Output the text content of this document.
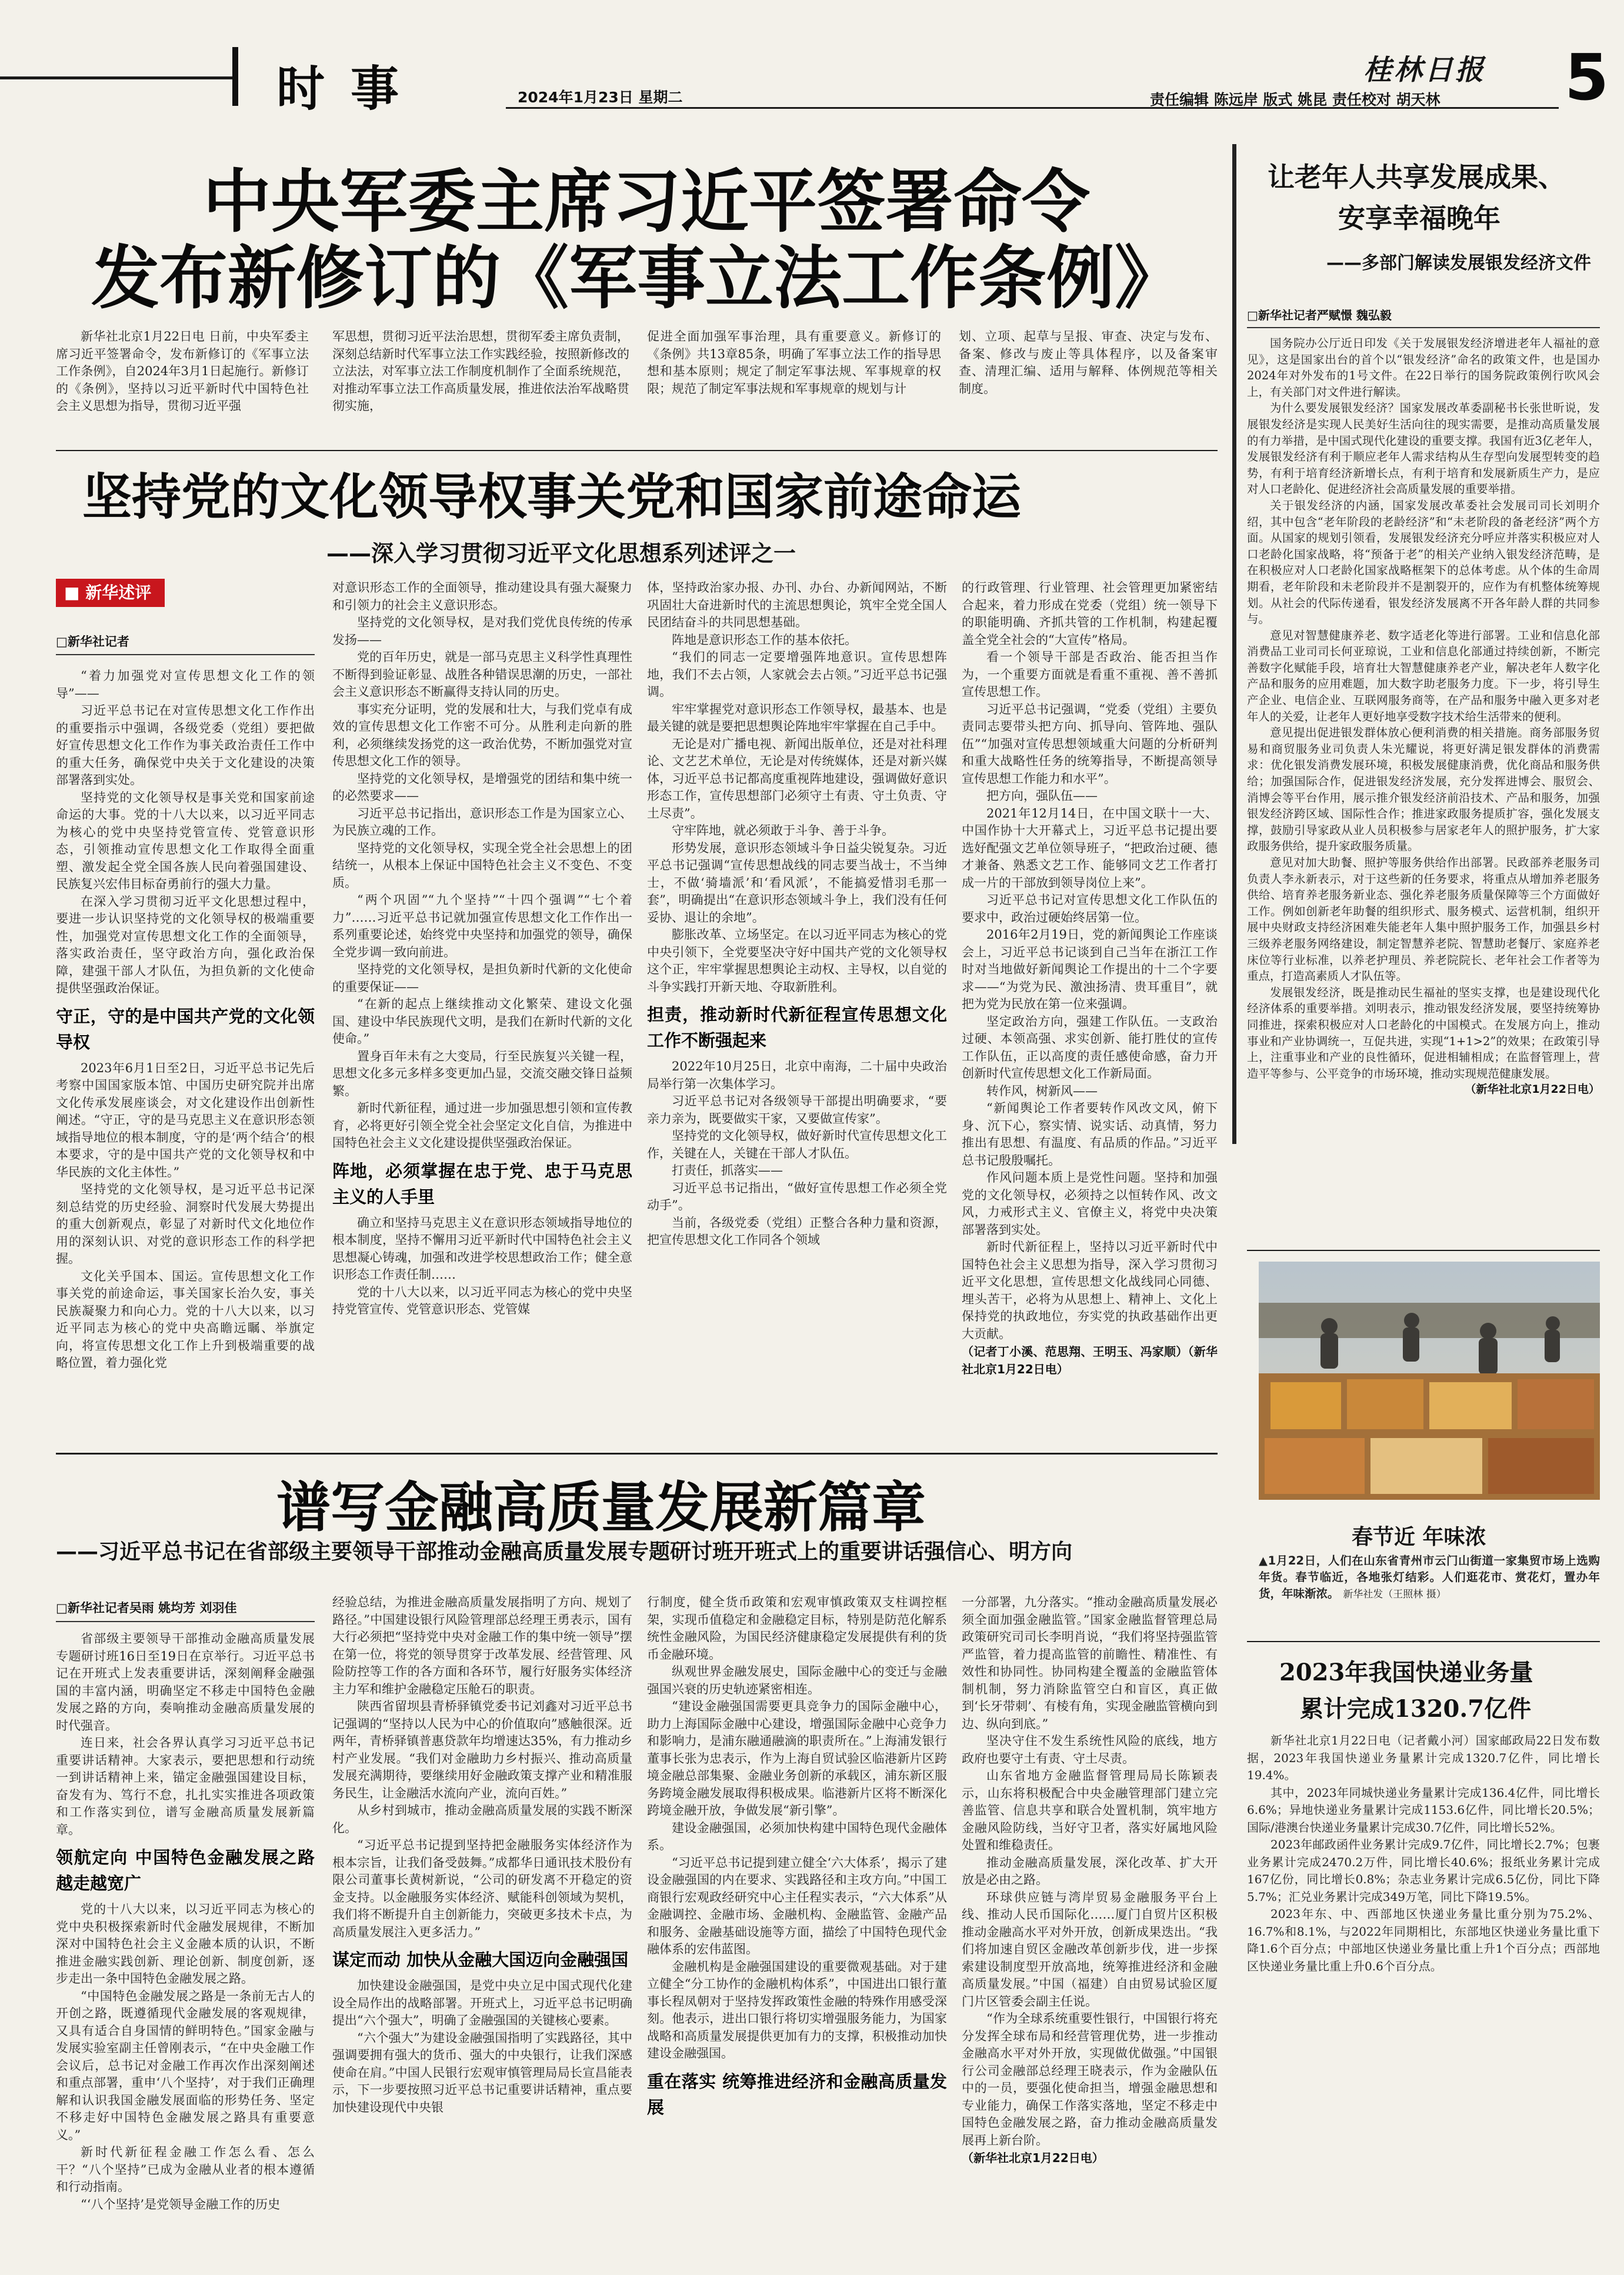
时事	2024年1月23日 星期二
桂林日报 5
责任编辑 陈远岸 版式 姚昆 责任校对 胡天林
中央军委主席习近平签署命令
发布新修订的《军事立法工作条例》

新华社北京1月22日电 日前，中央军委主席习近平签署命令，发布新修订的《军事立法工作条例》，自2024年3月1日起施行。新修订的《条例》，坚持以习近平新时代中国特色社会主义思想为指导，贯彻习近平强

军思想，贯彻习近平法治思想，贯彻军委主席负责制，深刻总结新时代军事立法工作实践经验，按照新修改的立法法，对军事立法工作制度机制作了全面系统规范，对推动军事立法工作高质量发展，推进依法治军战略贯彻实施，

促进全面加强军事治理，具有重要意义。新修订的《条例》共13章85条，明确了军事立法工作的指导思想和基本原则；规定了制定军事法规、军事规章的权限；规范了制定军事法规和军事规章的规划与计

划、立项、起草与呈报、审查、决定与发布、备案、修改与废止等具体程序，以及备案审查、清理汇编、适用与解释、体例规范等相关制度。

坚持党的文化领导权事关党和国家前途命运
——深入学习贯彻习近平文化思想系列述评之一
■ 新华述评
□新华社记者

“着力加强党对宣传思想文化工作的领导”——

习近平总书记在对宣传思想文化工作作出的重要指示中强调，各级党委（党组）要把做好宣传思想文化工作作为事关政治责任工作中的重大任务，确保党中央关于文化建设的决策部署落到实处。

坚持党的文化领导权是事关党和国家前途命运的大事。党的十八大以来，以习近平同志为核心的党中央坚持党管宣传、党管意识形态，引领推动宣传思想文化工作取得全面重塑、激发起全党全国各族人民向着强国建设、民族复兴宏伟目标奋勇前行的强大力量。

在深入学习贯彻习近平文化思想过程中，要进一步认识坚持党的文化领导权的极端重要性，加强党对宣传思想文化工作的全面领导，落实政治责任，坚守政治方向，强化政治保障，建强干部人才队伍，为担负新的文化使命提供坚强政治保证。

守正，守的是中国共产党的文化领导权

2023年6月1日至2日，习近平总书记先后考察中国国家版本馆、中国历史研究院并出席文化传承发展座谈会，对文化建设作出创新性阐述。“守正，守的是马克思主义在意识形态领域指导地位的根本制度，守的是‘两个结合’的根本要求，守的是中国共产党的文化领导权和中华民族的文化主体性。”

坚持党的文化领导权，是习近平总书记深刻总结党的历史经验、洞察时代发展大势提出的重大创新观点，彰显了对新时代文化地位作用的深刻认识、对党的意识形态工作的科学把握。

文化关乎国本、国运。宣传思想文化工作事关党的前途命运，事关国家长治久安，事关民族凝聚力和向心力。党的十八大以来，以习近平同志为核心的党中央高瞻远瞩、举旗定向，将宣传思想文化工作上升到极端重要的战略位置，着力强化党

对意识形态工作的全面领导，推动建设具有强大凝聚力和引领力的社会主义意识形态。

坚持党的文化领导权，是对我们党优良传统的传承发扬——

党的百年历史，就是一部马克思主义科学性真理性不断得到验证彰显、战胜各种错误思潮的历史，一部社会主义意识形态不断赢得支持认同的历史。

事实充分证明，党的发展和壮大，与我们党卓有成效的宣传思想文化工作密不可分。从胜利走向新的胜利，必须继续发扬党的这一政治优势，不断加强党对宣传思想文化工作的领导。

坚持党的文化领导权，是增强党的团结和集中统一的必然要求——

习近平总书记指出，意识形态工作是为国家立心、为民族立魂的工作。

坚持党的文化领导权，实现全党全社会思想上的团结统一，从根本上保证中国特色社会主义不变色、不变质。

“两个巩固”“九个坚持”“十四个强调”“七个着力”……习近平总书记就加强宣传思想文化工作作出一系列重要论述，始终党中央坚持和加强党的领导，确保全党步调一致向前进。

坚持党的文化领导权，是担负新时代新的文化使命的重要保证——

“在新的起点上继续推动文化繁荣、建设文化强国、建设中华民族现代文明，是我们在新时代新的文化使命。”

置身百年未有之大变局，行至民族复兴关键一程，思想文化多元多样多变更加凸显，交流交融交锋日益频繁。

新时代新征程，通过进一步加强思想引领和宣传教育，必将更好引领全党全社会坚定文化自信，为推进中国特色社会主义文化建设提供坚强政治保证。

阵地，必须掌握在忠于党、忠于马克思主义的人手里

确立和坚持马克思主义在意识形态领域指导地位的根本制度，坚持不懈用习近平新时代中国特色社会主义思想凝心铸魂，加强和改进学校思想政治工作；健全意识形态工作责任制……

党的十八大以来，以习近平同志为核心的党中央坚持党管宣传、党管意识形态、党管媒

体，坚持政治家办报、办刊、办台、办新闻网站，不断巩固壮大奋进新时代的主流思想舆论，筑牢全党全国人民团结奋斗的共同思想基础。

阵地是意识形态工作的基本依托。

“我们的同志一定要增强阵地意识。宣传思想阵地，我们不去占领，人家就会去占领。”习近平总书记强调。

牢牢掌握党对意识形态工作领导权，最基本、也是最关键的就是要把思想舆论阵地牢牢掌握在自己手中。

无论是对广播电视、新闻出版单位，还是对社科理论、文艺艺术单位，无论是对传统媒体，还是对新兴媒体，习近平总书记都高度重视阵地建设，强调做好意识形态工作，宣传思想部门必须守土有责、守土负责、守土尽责”。

守牢阵地，就必须敢于斗争、善于斗争。

形势发展，意识形态领域斗争日益尖锐复杂。习近平总书记强调“宣传思想战线的同志要当战士，不当绅士，不做‘骑墙派’和‘看风派’，不能搞爱惜羽毛那一套”，明确提出“在意识形态领域斗争上，我们没有任何妥协、退让的余地”。

膨胀改革、立场坚定。在以习近平同志为核心的党中央引领下，全党要坚决守好中国共产党的文化领导权这个正，牢牢掌握思想舆论主动权、主导权，以自觉的斗争实践打开新天地、夺取新胜利。

担责，推动新时代新征程宣传思想文化工作不断强起来

2022年10月25日，北京中南海，二十届中央政治局举行第一次集体学习。

习近平总书记对各级领导干部提出明确要求，“要亲力亲为，既要做实干家，又要做宣传家”。

坚持党的文化领导权，做好新时代宣传思想文化工作，关键在人，关键在干部人才队伍。

打责任，抓落实——

习近平总书记指出，“做好宣传思想工作必须全党动手”。

当前，各级党委（党组）正整合各种力量和资源，把宣传思想文化工作同各个领域

的行政管理、行业管理、社会管理更加紧密结合起来，着力形成在党委（党组）统一领导下的职能明确、齐抓共管的工作机制，构建起覆盖全党全社会的“大宣传”格局。

看一个领导干部是否政治、能否担当作为，一个重要方面就是看重不重视、善不善抓宣传思想工作。

习近平总书记强调，“党委（党组）主要负责同志要带头把方向、抓导向、管阵地、强队伍”“加强对宣传思想领域重大问题的分析研判和重大战略性任务的统筹指导，不断提高领导宣传思想工作能力和水平”。

把方向，强队伍——

2021年12月14日，在中国文联十一大、中国作协十大开幕式上，习近平总书记提出要选好配强文艺单位领导班子，“把政治过硬、德才兼备、熟悉文艺工作、能够同文艺工作者打成一片的干部放到领导岗位上来”。

习近平总书记对宣传思想文化工作队伍的要求中，政治过硬始终居第一位。

2016年2月19日，党的新闻舆论工作座谈会上，习近平总书记谈到自己当年在浙江工作时对当地做好新闻舆论工作提出的十二个字要求——“为党为民、激浊扬清、贵耳重目”，就把为党为民放在第一位来强调。

坚定政治方向，强建工作队伍。一支政治过硬、本领高强、求实创新、能打胜仗的宣传工作队伍，正以高度的责任感使命感，奋力开创新时代宣传思想文化工作新局面。

转作风，树新风——

“新闻舆论工作者要转作风改文风，俯下身、沉下心，察实情、说实话、动真情，努力推出有思想、有温度、有品质的作品。”习近平总书记殷殷嘱托。

作风问题本质上是党性问题。坚持和加强党的文化领导权，必须持之以恒转作风、改文风，力戒形式主义、官僚主义，将党中央决策部署落到实处。

新时代新征程上，坚持以习近平新时代中国特色社会主义思想为指导，深入学习贯彻习近平文化思想，宣传思想文化战线同心同德、埋头苦干，必将为从思想上、精神上、文化上保持党的执政地位，夯实党的执政基础作出更大贡献。

（记者丁小溪、范思翔、王明玉、冯家顺）（新华社北京1月22日电）

谱写金融高质量发展新篇章
——习近平总书记在省部级主要领导干部推动金融高质量发展专题研讨班开班式上的重要讲话强信心、明方向
□新华社记者吴雨 姚均芳 刘羽佳

省部级主要领导干部推动金融高质量发展专题研讨班16日至19日在京举行。习近平总书记在开班式上发表重要讲话，深刻阐释金融强国的丰富内涵，明确坚定不移走中国特色金融发展之路的方向，奏响推动金融高质量发展的时代强音。

连日来，社会各界认真学习习近平总书记重要讲话精神。大家表示，要把思想和行动统一到讲话精神上来，锚定金融强国建设目标，奋发有为、笃行不怠，扎扎实实推进各项政策和工作落实到位，谱写金融高质量发展新篇章。

领航定向 中国特色金融发展之路越走越宽广

党的十八大以来，以习近平同志为核心的党中央积极探索新时代金融发展规律，不断加深对中国特色社会主义金融本质的认识，不断推进金融实践创新、理论创新、制度创新，逐步走出一条中国特色金融发展之路。

“中国特色金融发展之路是一条前无古人的开创之路，既遵循现代金融发展的客观规律，又具有适合自身国情的鲜明特色。”国家金融与发展实验室副主任曾刚表示，“在中央金融工作会议后，总书记对金融工作再次作出深刻阐述和重点部署，重申‘八个坚持’，对于我们正确理解和认识我国金融发展面临的形势任务、坚定不移走好中国特色金融发展之路具有重要意义。”

新时代新征程金融工作怎么看、怎么干？“八个坚持”已成为金融从业者的根本遵循和行动指南。

“‘八个坚持’是党领导金融工作的历史

经验总结，为推进金融高质量发展指明了方向、规划了路径。”中国建设银行风险管理部总经理王勇表示，国有大行必须把“坚持党中央对金融工作的集中统一领导”摆在第一位，将党的领导贯穿于改革发展、经营管理、风险防控等工作的各方面和各环节，履行好服务实体经济主力军和维护金融稳定压舱石的职责。

陕西省留坝县青桥驿镇党委书记刘鑫对习近平总书记强调的“坚持以人民为中心的价值取向”感触很深。近两年，青桥驿镇普惠贷款年均增速达35%，有力推动乡村产业发展。“我们对金融助力乡村振兴、推动高质量发展充满期待，要继续用好金融政策支撑产业和精准服务民生，让金融活水流向产业，流向百姓。”

从乡村到城市，推动金融高质量发展的实践不断深化。

“习近平总书记提到坚持把金融服务实体经济作为根本宗旨，让我们备受鼓舞。”成都华日通讯技术股份有限公司董事长黄树新说，“公司的研发离不开稳定的资金支持。以金融服务实体经济、赋能科创领域为契机，我们将不断提升自主创新能力，突破更多技术卡点，为高质量发展注入更多活力。”

谋定而动 加快从金融大国迈向金融强国

加快建设金融强国，是党中央立足中国式现代化建设全局作出的战略部署。开班式上，习近平总书记明确提出“六个强大”，明确了金融强国的关键核心要素。

“六个强大”为建设金融强国指明了实践路径，其中强调要拥有强大的货币、强大的中央银行，让我们深感使命在肩。”中国人民银行宏观审慎管理局局长宣昌能表示，下一步要按照习近平总书记重要讲话精神，重点要加快建设现代中央银

行制度，健全货币政策和宏观审慎政策双支柱调控框架，实现币值稳定和金融稳定目标，特别是防范化解系统性金融风险，为国民经济健康稳定发展提供有利的货币金融环境。

纵观世界金融发展史，国际金融中心的变迁与金融强国兴衰的历史轨迹紧密相连。

“建设金融强国需要更具竞争力的国际金融中心，助力上海国际金融中心建设，增强国际金融中心竞争力和影响力，是浦东融通融滴的职责所在。”上海浦发银行董事长张为忠表示，作为上海自贸试验区临港新片区跨境金融总部集聚、金融业务创新的承载区，浦东新区服务跨境金融发展取得积极成果。临港新片区将不断深化跨境金融开放，争做发展“新引擎”。

建设金融强国，必须加快构建中国特色现代金融体系。

“习近平总书记提到建立健全‘六大体系’，揭示了建设金融强国的内在要求、实践路径和主攻方向。”中国工商银行宏观政经研究中心主任程实表示，“六大体系”从金融调控、金融市场、金融机构、金融监管、金融产品和服务、金融基础设施等方面，描绘了中国特色现代金融体系的宏伟蓝图。

金融机构是金融强国建设的重要微观基础。对于建立健全“分工协作的金融机构体系”，中国进出口银行董事长程凤朝对于坚持发挥政策性金融的特殊作用感受深刻。他表示，进出口银行将切实增强服务能力，为国家战略和高质量发展提供更加有力的支撑，积极推动加快建设金融强国。

重在落实 统筹推进经济和金融高质量发展

一分部署，九分落实。“推动金融高质量发展必须全面加强金融监管。”国家金融监督管理总局政策研究司司长李明肖说，“我们将坚持强监管严监管，着力提高监管的前瞻性、精准性、有效性和协同性。协同构建全覆盖的金融监管体制机制，努力消除监管空白和盲区，真正做到‘长牙带刺’、有棱有角，实现金融监管横向到边、纵向到底。”

坚决守住不发生系统性风险的底线，地方政府也要守土有责、守土尽责。

山东省地方金融监督管理局局长陈颖表示，山东将积极配合中央金融管理部门建立完善监管、信息共享和联合处置机制，筑牢地方金融风险防线，当好守卫者，落实好属地风险处置和维稳责任。

推动金融高质量发展，深化改革、扩大开放是必由之路。

环球供应链与湾岸贸易金融服务平台上线、推动人民币国际化……厦门自贸片区积极推动金融高水平对外开放，创新成果迭出。“我们将加速自贸区金融改革创新步伐，进一步探索建设制度型开放高地，统筹推进经济和金融高质量发展。”中国（福建）自由贸易试验区厦门片区管委会副主任说。

“作为全球系统重要性银行，中国银行将充分发挥全球布局和经营管理优势，进一步推动金融高水平对外开放，实现做优做强。”中国银行公司金融部总经理王晓表示，作为金融队伍中的一员，要强化使命担当，增强金融思想和专业能力，确保工作落实落地，坚定不移走中国特色金融发展之路，奋力推动金融高质量发展再上新台阶。

（新华社北京1月22日电）

让老年人共享发展成果、
安享幸福晚年
——多部门解读发展银发经济文件
□新华社记者严赋憬 魏弘毅

国务院办公厅近日印发《关于发展银发经济增进老年人福祉的意见》，这是国家出台的首个以“银发经济”命名的政策文件，也是国办2024年对外发布的1号文件。在22日举行的国务院政策例行吹风会上，有关部门对文件进行解读。

为什么要发展银发经济？国家发展改革委副秘书长张世昕说，发展银发经济是实现人民美好生活向往的现实需要，是推动高质量发展的有力举措，是中国式现代化建设的重要支撑。我国有近3亿老年人，发展银发经济有利于顺应老年人需求结构从生存型向发展型转变的趋势，有利于培育经济新增长点，有利于培育和发展新质生产力，是应对人口老龄化、促进经济社会高质量发展的重要举措。

关于银发经济的内涵，国家发展改革委社会发展司司长刘明介绍，其中包含“老年阶段的老龄经济”和“未老阶段的备老经济”两个方面。从国家的规划引领看，发展银发经济充分呼应并落实积极应对人口老龄化国家战略，将“预备于老”的相关产业纳入银发经济范畴，是在积极应对人口老龄化国家战略框架下的总体考虑。从个体的生命周期看，老年阶段和未老阶段并不是割裂开的，应作为有机整体统筹规划。从社会的代际传递看，银发经济发展离不开各年龄人群的共同参与。

意见对智慧健康养老、数字适老化等进行部署。工业和信息化部消费品工业司司长何亚琼说，工业和信息化部通过持续创新，不断完善数字化赋能手段，培育壮大智慧健康养老产业，解决老年人数字化产品和服务的应用难题，加大数字助老服务力度。下一步，将引导生产企业、电信企业、互联网服务商等，在产品和服务中融入更多对老年人的关爱，让老年人更好地享受数字技术给生活带来的便利。

意见提出促进银发群体放心便利消费的相关措施。商务部服务贸易和商贸服务业司负责人朱光耀说，将更好满足银发群体的消费需求：优化银发消费发展环境，积极发展健康消费，优化商品和服务供给；加强国际合作，促进银发经济发展，充分发挥进博会、服贸会、消博会等平台作用，展示推介银发经济前沿技术、产品和服务，加强银发经济跨区域、国际性合作；推进家政服务提质扩容，强化发展支撑，鼓励引导家政从业人员积极参与居家老年人的照护服务，扩大家政服务供给，提升家政服务质量。

意见对加大助餐、照护等服务供给作出部署。民政部养老服务司负责人李永新表示，对于这些新的任务要求，将重点从增加养老服务供给、培育养老服务新业态、强化养老服务质量保障等三个方面做好工作。例如创新老年助餐的组织形式、服务模式、运营机制，组织开展中央财政支持经济困难失能老年人集中照护服务工作，加强县乡村三级养老服务网络建设，制定智慧养老院、智慧助老餐厅、家庭养老床位等行业标准，以养老护理员、养老院院长、老年社会工作者等为重点，打造高素质人才队伍等。

发展银发经济，既是推动民生福祉的坚实支撑，也是建设现代化经济体系的重要举措。刘明表示，推动银发经济发展，要坚持统筹协同推进，探索积极应对人口老龄化的中国模式。在发展方向上，推动事业和产业协调统一，互促共进，实现“1+1>2”的效果；在政策引导上，注重事业和产业的良性循环，促进相辅相成；在监督管理上，营造平等参与、公平竞争的市场环境，推动实现规范健康发展。

（新华社北京1月22日电）

春节近 年味浓
▲1月22日，人们在山东省青州市云门山街道一家集贸市场上选购年货。春节临近，各地张灯结彩。人们逛花市、赏花灯，置办年货，年味渐浓。 新华社发（王照林 摄）
2023年我国快递业务量
累计完成1320.7亿件

新华社北京1月22日电（记者戴小河）国家邮政局22日发布数据，2023年我国快递业务量累计完成1320.7亿件，同比增长19.4%。

其中，2023年同城快递业务量累计完成136.4亿件，同比增长6.6%；异地快递业务量累计完成1153.6亿件，同比增长20.5%；国际/港澳台快递业务量累计完成30.7亿件，同比增长52%。

2023年邮政函件业务累计完成9.7亿件，同比增长2.7%；包裹业务累计完成2470.2万件，同比增长40.6%；报纸业务累计完成167亿份，同比增长0.8%；杂志业务累计完成6.5亿份，同比下降5.7%；汇兑业务累计完成349万笔，同比下降19.5%。

2023年东、中、西部地区快递业务量比重分别为75.2%、16.7%和8.1%，与2022年同期相比，东部地区快递业务量比重下降1.6个百分点；中部地区快递业务量比重上升1个百分点；西部地区快递业务量比重上升0.6个百分点。
